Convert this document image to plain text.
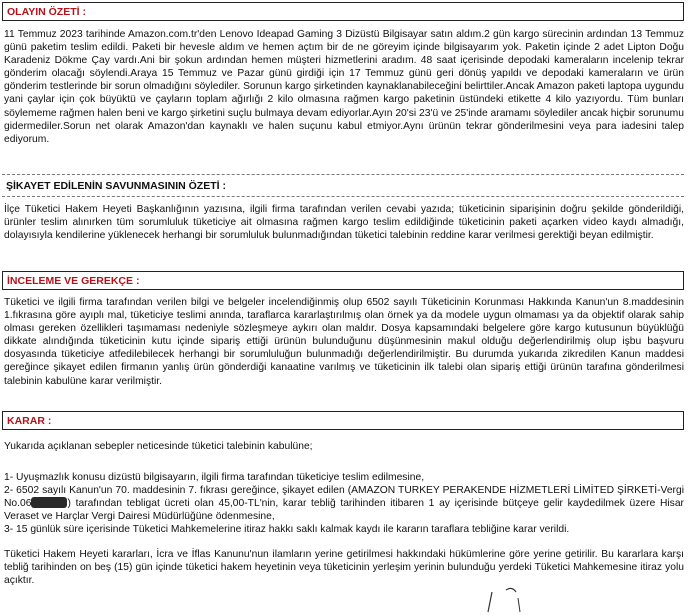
OLAYIN ÖZETİ :

11 Temmuz 2023 tarihinde Amazon.com.tr'den Lenovo Ideapad Gaming 3 Dizüstü Bilgisayar satın aldım.2 gün kargo sürecinin ardından 13 Temmuz günü paketim teslim edildi. Paketi bir hevesle aldım ve hemen açtım bir de ne göreyim içinde bilgisayarım yok. Paketin içinde 2 adet Lipton Doğu Karadeniz Dökme Çay vardı.Ani bir şokun ardından hemen müşteri hizmetlerini aradım. 48 saat içerisinde depodaki kameraların incelenip tekrar gönderim olacağı söylendi.Araya 15 Temmuz ve Pazar günü girdiği için 17 Temmuz günü geri dönüş yapıldı ve depodaki kameraların ve ürün gönderim testlerinde bir sorun olmadığını söylediler. Sorunun kargo şirketinden kaynaklanabileceğini belirttiler.Ancak Amazon paketi laptopa uygundu yani çaylar için çok büyüktü ve çayların toplam ağırlığı 2 kilo olmasına rağmen kargo paketinin üstündeki etikette 4 kilo yazıyordu. Tüm bunları söylememe rağmen halen beni ve kargo şirketini suçlu bulmaya devam ediyorlar.Ayın 20'si 23'ü ve 25'inde aramamı söylediler ancak hiçbir sorunumu gidermediler.Sorun net olarak Amazon'dan kaynaklı ve halen suçunu kabul etmiyor.Aynı ürünün tekrar gönderilmesini veya para iadesini talep ediyorum.

ŞİKAYET EDİLENİN SAVUNMASININ ÖZETİ :

İlçe Tüketici Hakem Heyeti Başkanlığının yazısına, ilgili firma tarafından verilen cevabi yazıda; tüketicinin siparişinin doğru şekilde gönderildiği, ürünler teslim alınırken tüm sorumluluk tüketiciye ait olmasına rağmen kargo teslim edildiğinde tüketicinin paketi açarken video kaydı almadığı, dolayısıyla kendilerine yüklenecek herhangi bir sorumluluk bulunmadığından tüketici talebinin reddine karar verilmesi gerektiği beyan edilmiştir.

İNCELEME VE GEREKÇE :

Tüketici ve ilgili firma tarafından verilen bilgi ve belgeler incelendiğinmiş olup 6502 sayılı Tüketicinin Korunması Hakkında Kanun'un 8.maddesinin 1.fıkrasına göre ayıplı mal, tüketiciye teslimi anında, taraflarca kararlaştırılmış olan örnek ya da modele uygun olmaması ya da objektif olarak sahip olması gereken özellikleri taşımaması nedeniyle sözleşmeye aykırı olan maldır. Dosya kapsamındaki belgelere göre kargo kutusunun büyüklüğü dikkate alındığında tüketicinin kutu içinde sipariş ettiği ürünün bulunduğunu düşünmesinin makul olduğu değerlendirilmiş olup işbu başvuru dosyasında tüketiciye atfedilebilecek herhangi bir sorumluluğun bulunmadığı değerlendirilmiştir. Bu durumda yukarıda zikredilen Kanun maddesi gereğince şikayet edilen firmanın yanlış ürün gönderdiği kanaatine varılmış ve tüketicinin ilk talebi olan sipariş ettiği ürünün tarafına gönderilmesi talebinin kabulüne karar verilmiştir.

KARAR :

Yukarıda açıklanan sebepler neticesinde tüketici talebinin kabulüne;

1- Uyuşmazlık konusu dizüstü bilgisayarın, ilgili firma tarafından tüketiciye teslim edilmesine,

2- 6502 sayılı Kanun'un 70. maddesinin 7. fıkrası gereğince, şikayet edilen (AMAZON TURKEY PERAKENDE HİZMETLERİ LİMİTED ŞİRKETİ-Vergi No.06	) tarafından tebligat ücreti olan 45,00-TL'nin, karar tebliğ tarihinden itibaren 1 ay içerisinde bütçeye gelir kaydedilmek üzere Hisar Veraset ve Harçlar Vergi Dairesi Müdürlüğüne ödenmesine,

3- 15 günlük süre içerisinde Tüketici Mahkemelerine itiraz hakkı saklı kalmak kaydı ile kararın taraflara tebliğine karar verildi.

Tüketici Hakem Heyeti kararları, İcra ve İflas Kanunu'nun ilamların yerine getirilmesi hakkındaki hükümlerine göre yerine getirilir. Bu kararlara karşı tebliğ tarihinden on beş (15) gün içinde tüketici hakem heyetinin veya tüketicinin yerleşim yerinin bulunduğu yerdeki Tüketici Mahkemesine itiraz yolu açıktır.
